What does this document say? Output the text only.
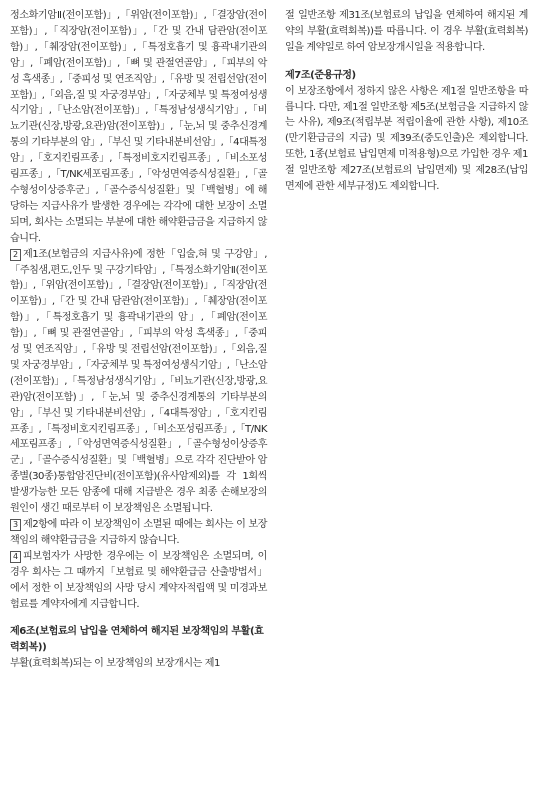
정소화기암Ⅱ(전이포함)」,「위암(전이포함)」,「결장암(전이포함)」,「직장암(전이포함)」,「간 및 간내 담관암(전이포함)」,「췌장암(전이포함)」,「특정호흡기 및 흉곽내기관의 암」,「폐암(전이포함)」,「뼈 및 관절연골암」,「피부의 악성 흑색종」,「중피성 및 연조직암」,「유방 및 전립선암(전이포함)」,「외음,질 및 자궁경부암」,「자궁체부 및 특정여성생식기암」,「난소암(전이포함)」,「특정남성생식기암」,「비뇨기관(신장,방광,요관)암(전이포함)」,「눈,뇌 및 중추신경계통의 기타부분의 암」,「부신 및 기타내분비선암」,「4대특정암」,「호지킨림프종」,「특정비호지킨림프종」,「비소포성림프종」,「T/NK세포림프종」,「악성면역증식성질환」,「골수형성이상증후군」,「골수증식성질환」및「백혈병」에 해당하는 지급사유가 발생한 경우에는 각각에 대한 보장이 소멸되며, 회사는 소멸되는 부분에 대한 해약환급금을 지급하지 않습니다.

2 제1조(보험금의 지급사유)에 정한「입술,혀 및 구강암」,「주침샘,편도,인두 및 구강기타암」,「특정소화기암Ⅱ(전이포함)」,「위암(전이포함)」,「결장암(전이포함)」,「직장암(전이포함)」,「간 및 간내 담관암(전이포함)」,「췌장암(전이포함)」,「특정호흡기 및 흉곽내기관의 암」,「폐암(전이포함)」,「뼈 및 관절연골암」,「피부의 악성 흑색종」,「중피성 및 연조직암」,「유방 및 전립선암(전이포함)」,「외음,질 및 자궁경부암」,「자궁체부 및 특정여성생식기암」,「난소암(전이포함)」,「특정남성생식기암」,「비뇨기관(신장,방광,요관)암(전이포함)」,「눈,뇌 및 중추신경계통의 기타부분의 암」,「부신 및 기타내분비선암」,「4대특정암」,「호지킨림프종」,「특정비호지킨림프종」,「비소포성림프종」,「T/NK세포림프종」,「악성면역증식성질환」,「골수형성이상증후군」,「골수증식성질환」및「백혈병」으로 각각 진단받아 암종별(30종)통합암진단비(전이포함)(유사암제외)를 각 1회씩 발생가능한 모든 암종에 대해 지급받은 경우 최종 손해보장의 원인이 생긴 때로부터 이 보장책임은 소멸됩니다.

3 제2항에 따라 이 보장책임이 소멸된 때에는 회사는 이 보장책임의 해약환급금을 지급하지 않습니다.

4 피보험자가 사망한 경우에는 이 보장책임은 소멸되며, 이 경우 회사는 그 때까지「보험료 및 해약환급금 산출방법서」에서 정한 이 보장책임의 사망 당시 계약자적립액 및 미경과보험료를 계약자에게 지급합니다.

제6조(보험료의 납입을 연체하여 해지된 보장책임의 부활(효력회복))

부활(효력회복)되는 이 보장책임의 보장개시는 제1

절 일반조항 제31조(보험료의 납입을 연체하여 해지된 계약의 부활(효력회복))를 따릅니다. 이 경우 부활(효력회복)일을 계약일로 하여 암보장개시일을 적용합니다.

제7조(준용규정)

이 보장조항에서 정하지 않은 사항은 제1절 일반조항을 따릅니다. 다만, 제1절 일반조항 제5조(보험금을 지급하지 않는 사유), 제9조(적립부분 적립이율에 관한 사항), 제10조(만기환급금의 지급) 및 제39조(중도인출)은 제외합니다. 또한, 1종(보험료 납입면제 미적용형)으로 가입한 경우 제1절 일반조항 제27조(보험료의 납입면제) 및 제28조(납입면제에 관한 세부규정)도 제외합니다.
